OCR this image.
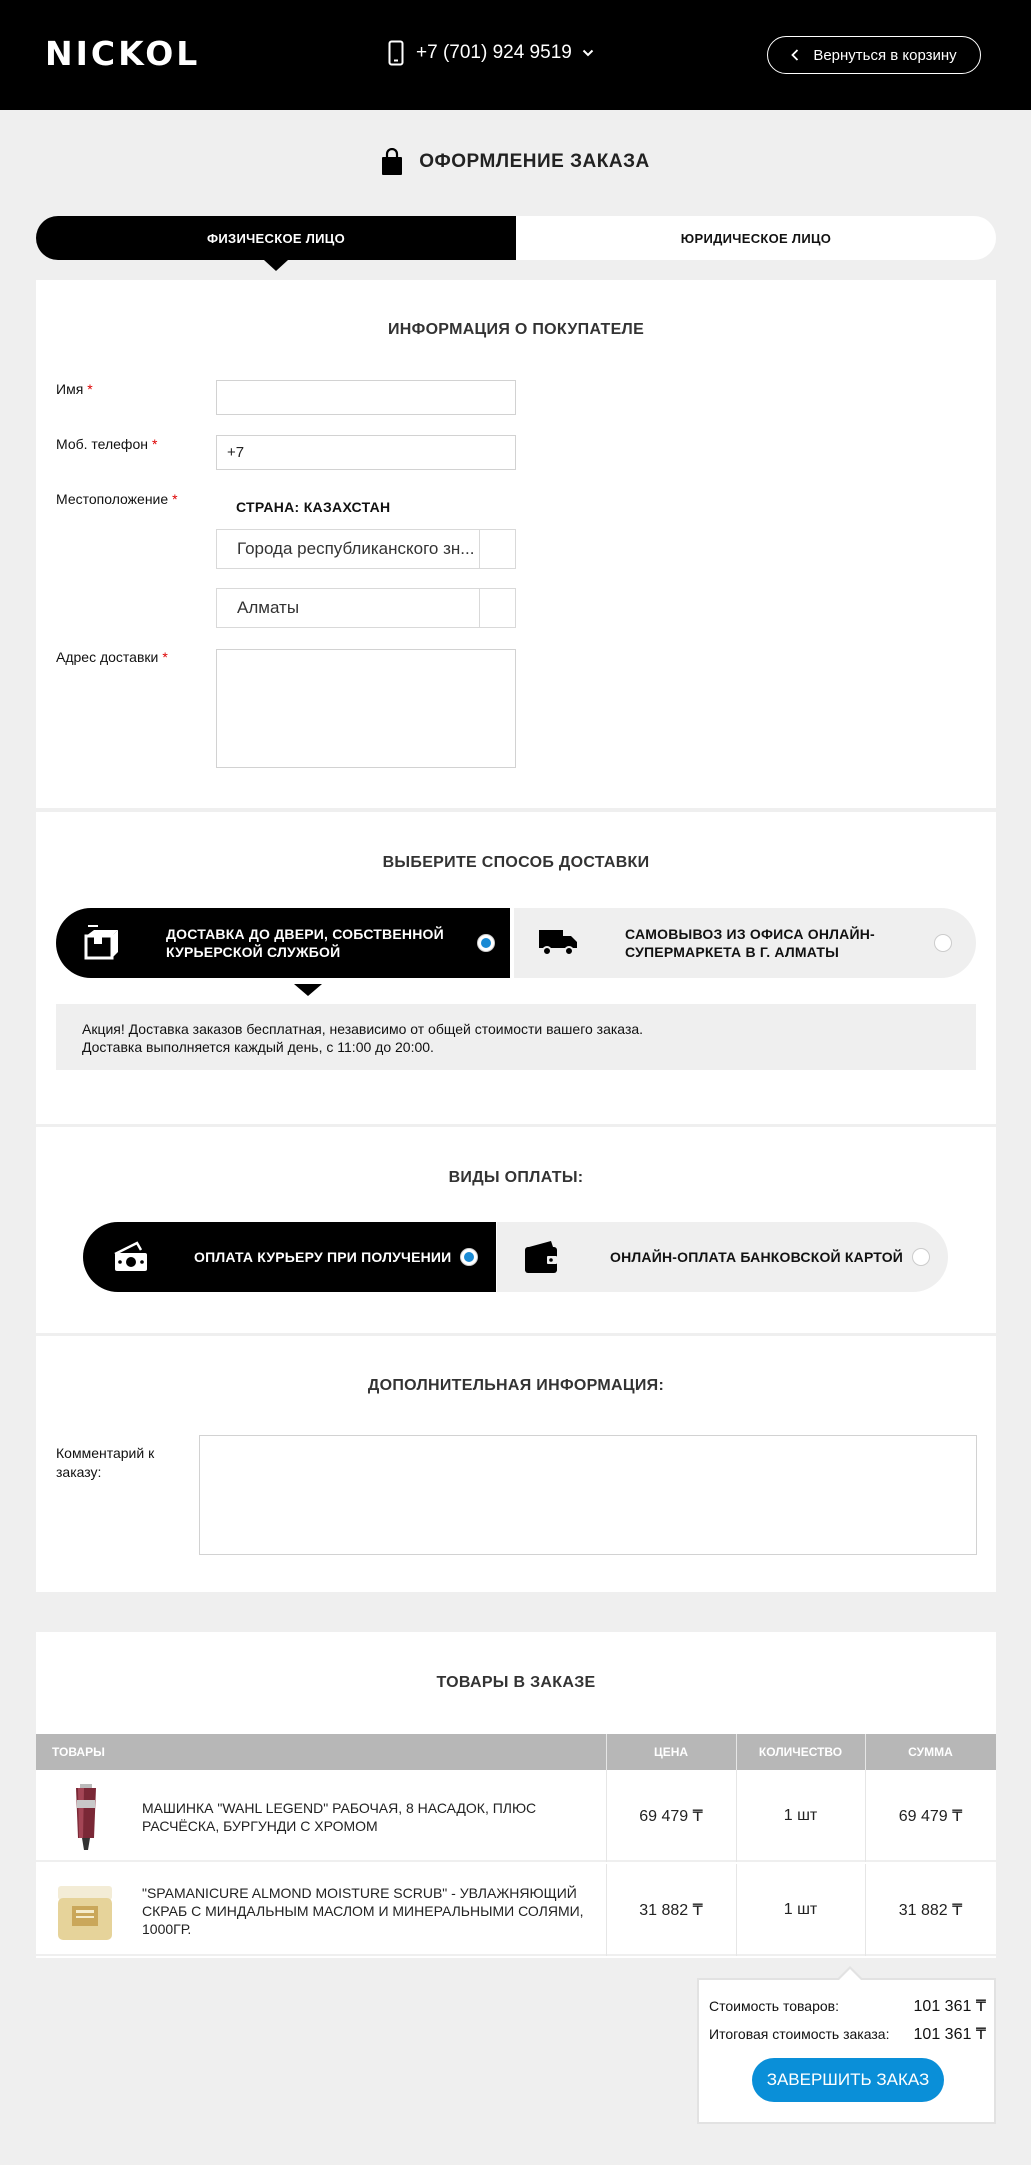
NICKOL	+7 (701) 924 9519	Вернуться в корзину
ОФОРМЛЕНИЕ ЗАКАЗА
ФИЗИЧЕСКОЕ ЛИЦО	ЮРИДИЧЕСКОЕ ЛИЦО
ИНФОРМАЦИЯ О ПОКУПАТЕЛЕ
Имя *
Моб. телефон *	+7
Местоположение *	СТРАНА: КАЗАХСТАН
Города республиканского зн...
Алматы
Адрес доставки *
ВЫБЕРИТЕ СПОСОБ ДОСТАВКИ
ДОСТАВКА ДО ДВЕРИ, СОБСТВЕННОЙ
КУРЬЕРСКОЙ СЛУЖБОЙ
САМОВЫВОЗ ИЗ ОФИСА ОНЛАЙН-
СУПЕРМАРКЕТА В Г. АЛМАТЫ
Акция! Доставка заказов бесплатная, независимо от общей стоимости вашего заказа.
Доставка выполняется каждый день, с 11:00 до 20:00.
ВИДЫ ОПЛАТЫ:
ОПЛАТА КУРЬЕРУ ПРИ ПОЛУЧЕНИИ	ОНЛАЙН-ОПЛАТА БАНКОВСКОЙ КАРТОЙ
ДОПОЛНИТЕЛЬНАЯ ИНФОРМАЦИЯ:
Комментарий к
заказу:
ТОВАРЫ В ЗАКАЗЕ
ТОВАРЫ	ЦЕНА	КОЛИЧЕСТВО	СУММА
МАШИНКА "WAHL LEGEND" РАБОЧАЯ, 8 НАСАДОК, ПЛЮС
РАСЧЁСКА, БУРГУНДИ С ХРОМОМ
69 479 ₸	1 шт	69 479 ₸
"SPAMANICURE ALMOND MOISTURE SCRUB" - УВЛАЖНЯЮЩИЙ
СКРАБ С МИНДАЛЬНЫМ МАСЛОМ И МИНЕРАЛЬНЫМИ СОЛЯМИ,
1000ГР.
31 882 ₸	1 шт	31 882 ₸
Стоимость товаров:	101 361 ₸
Итоговая стоимость заказа: 101 361 ₸
ЗАВЕРШИТЬ ЗАКАЗ
